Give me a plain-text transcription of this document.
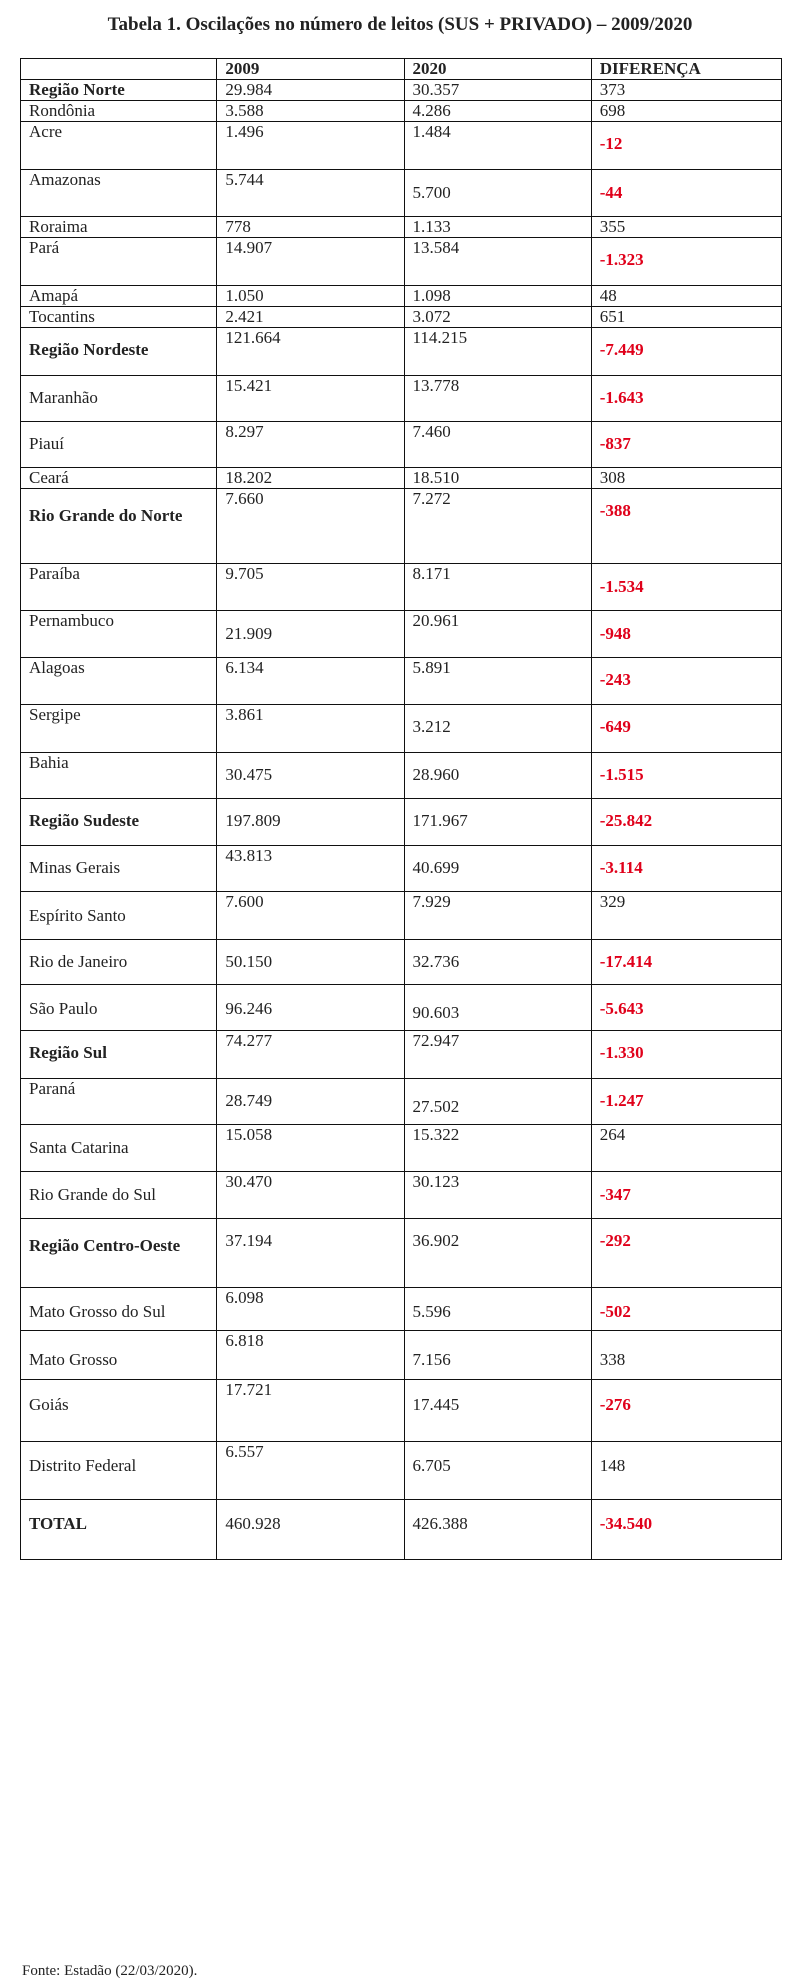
Tabela 1. Oscilações no número de leitos (SUS + PRIVADO) – 2009/2020
	2009	2020	DIFERENÇA
Região Norte	29.984	30.357	373
Rondônia	3.588	4.286	698
Acre	1.496	1.484	-12
Amazonas	5.744	5.700	-44
Roraima	778	1.133	355
Pará	14.907	13.584	-1.323
Amapá	1.050	1.098	48
Tocantins	2.421	3.072	651
Região Nordeste	121.664	114.215	-7.449
Maranhão	15.421	13.778	-1.643
Piauí	8.297	7.460	-837
Ceará	18.202	18.510	308
Rio Grande do Norte	7.660	7.272	-388
Paraíba	9.705	8.171	-1.534
Pernambuco	21.909	20.961	-948
Alagoas	6.134	5.891	-243
Sergipe	3.861	3.212	-649
Bahia	30.475	28.960	-1.515
Região Sudeste	197.809	171.967	-25.842
Minas Gerais	43.813	40.699	-3.114
Espírito Santo	7.600	7.929	329
Rio de Janeiro	50.150	32.736	-17.414
São Paulo	96.246	90.603	-5.643
Região Sul	74.277	72.947	-1.330
Paraná	28.749	27.502	-1.247
Santa Catarina	15.058	15.322	264
Rio Grande do Sul	30.470	30.123	-347
Região Centro-Oeste	37.194	36.902	-292
Mato Grosso do Sul	6.098	5.596	-502
Mato Grosso	6.818	7.156	338
Goiás	17.721	17.445	-276
Distrito Federal	6.557	6.705	148
TOTAL	460.928	426.388	-34.540
Fonte: Estadão (22/03/2020).
